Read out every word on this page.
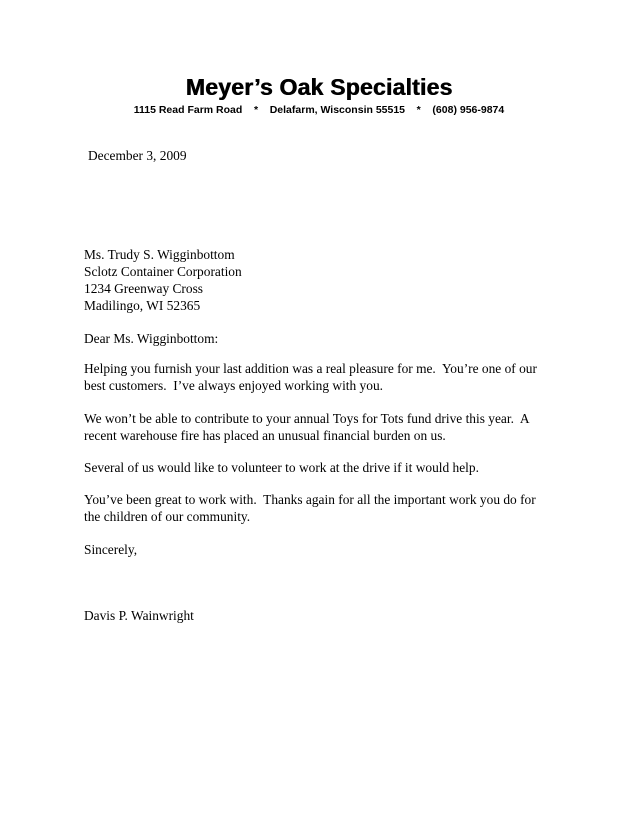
Meyer’s Oak Specialties
1115 Read Farm Road    *    Delafarm, Wisconsin 55515    *    (608) 956-9874
December 3, 2009
Ms. Trudy S. Wigginbottom
Sclotz Container Corporation
1234 Greenway Cross
Madilingo, WI 52365
Dear Ms. Wigginbottom:
Helping you furnish your last addition was a real pleasure for me.  You’re one of our
best customers.  I’ve always enjoyed working with you.
We won’t be able to contribute to your annual Toys for Tots fund drive this year.  A
recent warehouse fire has placed an unusual financial burden on us.
Several of us would like to volunteer to work at the drive if it would help.
You’ve been great to work with.  Thanks again for all the important work you do for
the children of our community.
Sincerely,
Davis P. Wainwright
